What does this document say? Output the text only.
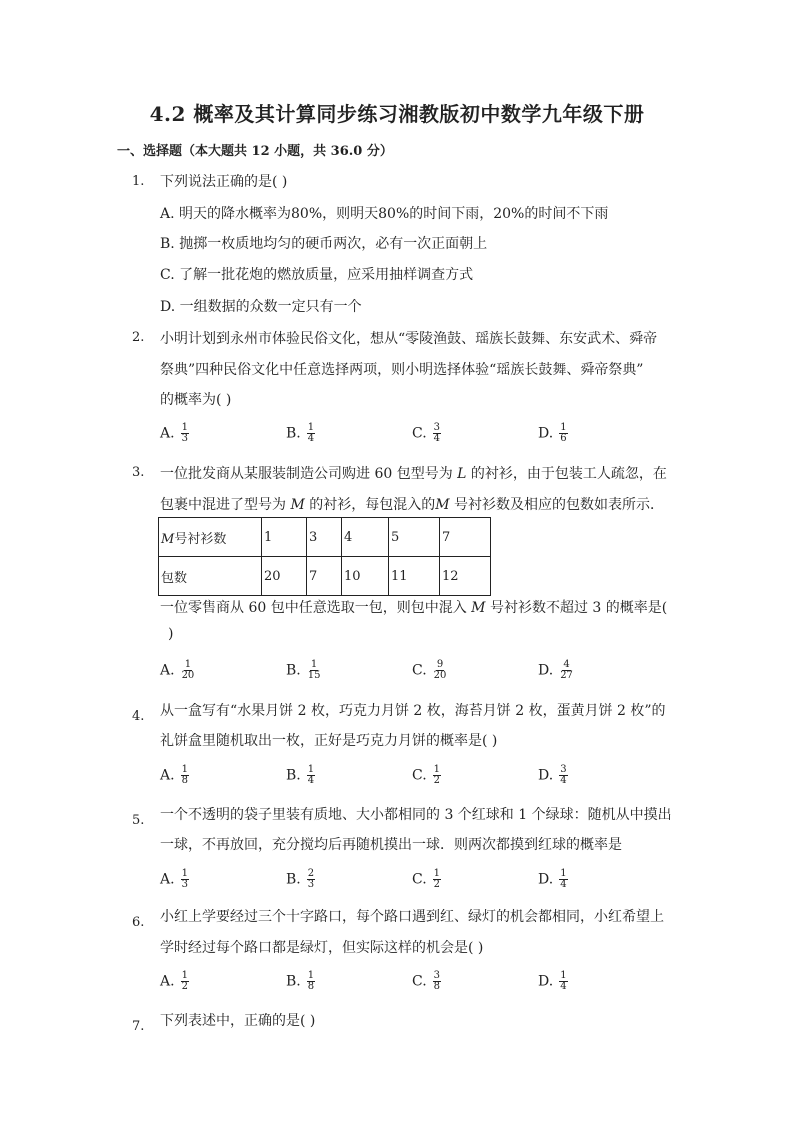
4.2 概率及其计算同步练习湘教版初中数学九年级下册
一、选择题（本大题共 12 小题，共 36.0 分）
1.	下列说法正确的是( )
A. 明天的降水概率为80%，则明天80%的时间下雨，20%的时间不下雨
B. 抛掷一枚质地均匀的硬币两次，必有一次正面朝上
C. 了解一批花炮的燃放质量，应采用抽样调查方式
D. 一组数据的众数一定只有一个
2.	小明计划到永州市体验民俗文化，想从“零陵渔鼓、瑶族长鼓舞、东安武术、舜帝
祭典”四种民俗文化中任意选择两项，则小明选择体验“瑶族长鼓舞、舜帝祭典”
的概率为( )
A. $\frac{1}{3}$	B. $\frac{1}{4}$	C. $\frac{3}{4}$	D. $\frac{1}{6}$
3.	一位批发商从某服装制造公司购进 60 包型号为 L 的衬衫，由于包装工人疏忽，在
包裹中混进了型号为 M 的衬衫，每包混入的M 号衬衫数及相应的包数如表所示．
M号衬衫数	1	3	4	5	7
包数	20	7	10	11	12
一位零售商从 60 包中任意选取一包，则包中混入 M 号衬衫数不超过 3 的概率是(
)
A. $\frac{1}{20}$	B. $\frac{1}{15}$	C. $\frac{9}{20}$	D. $\frac{4}{27}$
4.	从一盒写有“水果月饼 2 枚，巧克力月饼 2 枚，海苔月饼 2 枚，蛋黄月饼 2 枚”的
礼饼盒里随机取出一枚，正好是巧克力月饼的概率是( )
A. $\frac{1}{8}$	B. $\frac{1}{4}$	C. $\frac{1}{2}$	D. $\frac{3}{4}$
5.	一个不透明的袋子里装有质地、大小都相同的 3 个红球和 1 个绿球：随机从中摸出
一球，不再放回，充分搅均后再随机摸出一球．则两次都摸到红球的概率是
A. $\frac{1}{3}$	B. $\frac{2}{3}$	C. $\frac{1}{2}$	D. $\frac{1}{4}$
6.	小红上学要经过三个十字路口，每个路口遇到红、绿灯的机会都相同，小红希望上
学时经过每个路口都是绿灯，但实际这样的机会是( )
A. $\frac{1}{2}$	B. $\frac{1}{8}$	C. $\frac{3}{8}$	D. $\frac{1}{4}$
7.	下列表述中，正确的是( )
